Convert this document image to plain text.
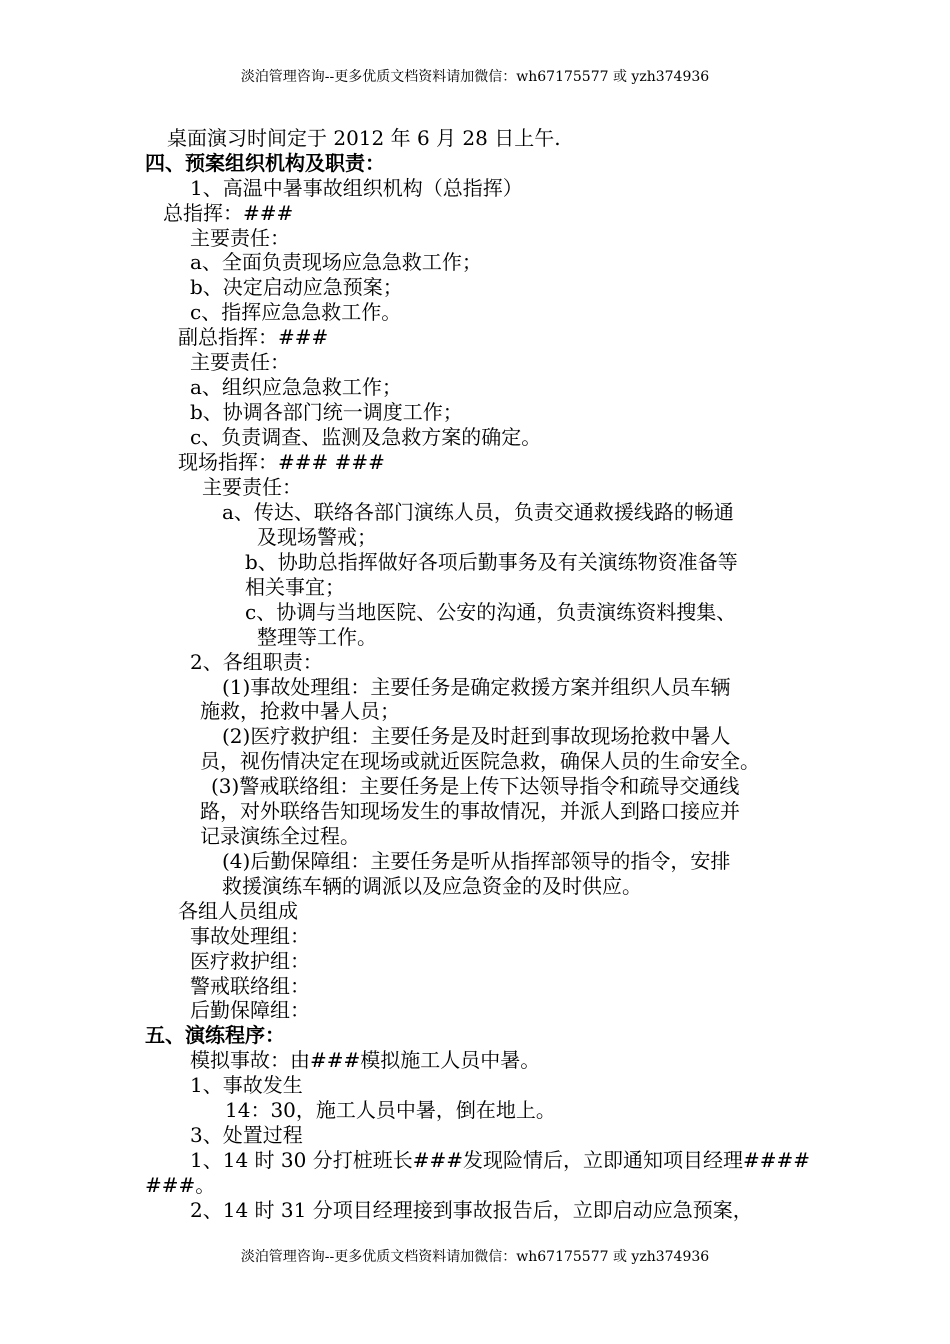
淡泊管理咨询--更多优质文档资料请加微信：wh67175577 或 yzh374936
桌面演习时间定于 2012 年 6 月 28 日上午.
四、预案组织机构及职责：
1、高温中暑事故组织机构（总指挥）
总指挥：###
主要责任：
a、全面负责现场应急急救工作；
b、决定启动应急预案；
c、指挥应急急救工作。
副总指挥：###
主要责任：
a、组织应急急救工作；
b、协调各部门统一调度工作；
c、负责调查、监测及急救方案的确定。
现场指挥：### ###
主要责任：
a、传达、联络各部门演练人员，负责交通救援线路的畅通
及现场警戒；
b、协助总指挥做好各项后勤事务及有关演练物资准备等
相关事宜；
c、协调与当地医院、公安的沟通，负责演练资料搜集、
整理等工作。
2、各组职责：
(1)事故处理组：主要任务是确定救援方案并组织人员车辆
施救，抢救中暑人员；
(2)医疗救护组：主要任务是及时赶到事故现场抢救中暑人
员，视伤情决定在现场或就近医院急救，确保人员的生命安全。
(3)警戒联络组：主要任务是上传下达领导指令和疏导交通线
路，对外联络告知现场发生的事故情况，并派人到路口接应并
记录演练全过程。
(4)后勤保障组：主要任务是听从指挥部领导的指令，安排
救援演练车辆的调派以及应急资金的及时供应。
各组人员组成
事故处理组：
医疗救护组：
警戒联络组：
后勤保障组：
五、演练程序：
模拟事故：由###模拟施工人员中暑。
1、事故发生
14：30，施工人员中暑，倒在地上。
3、处置过程
1、14 时 30 分打桩班长###发现险情后，立即通知项目经理####
###。
2、14 时 31 分项目经理接到事故报告后，立即启动应急预案，
淡泊管理咨询--更多优质文档资料请加微信：wh67175577 或 yzh374936
